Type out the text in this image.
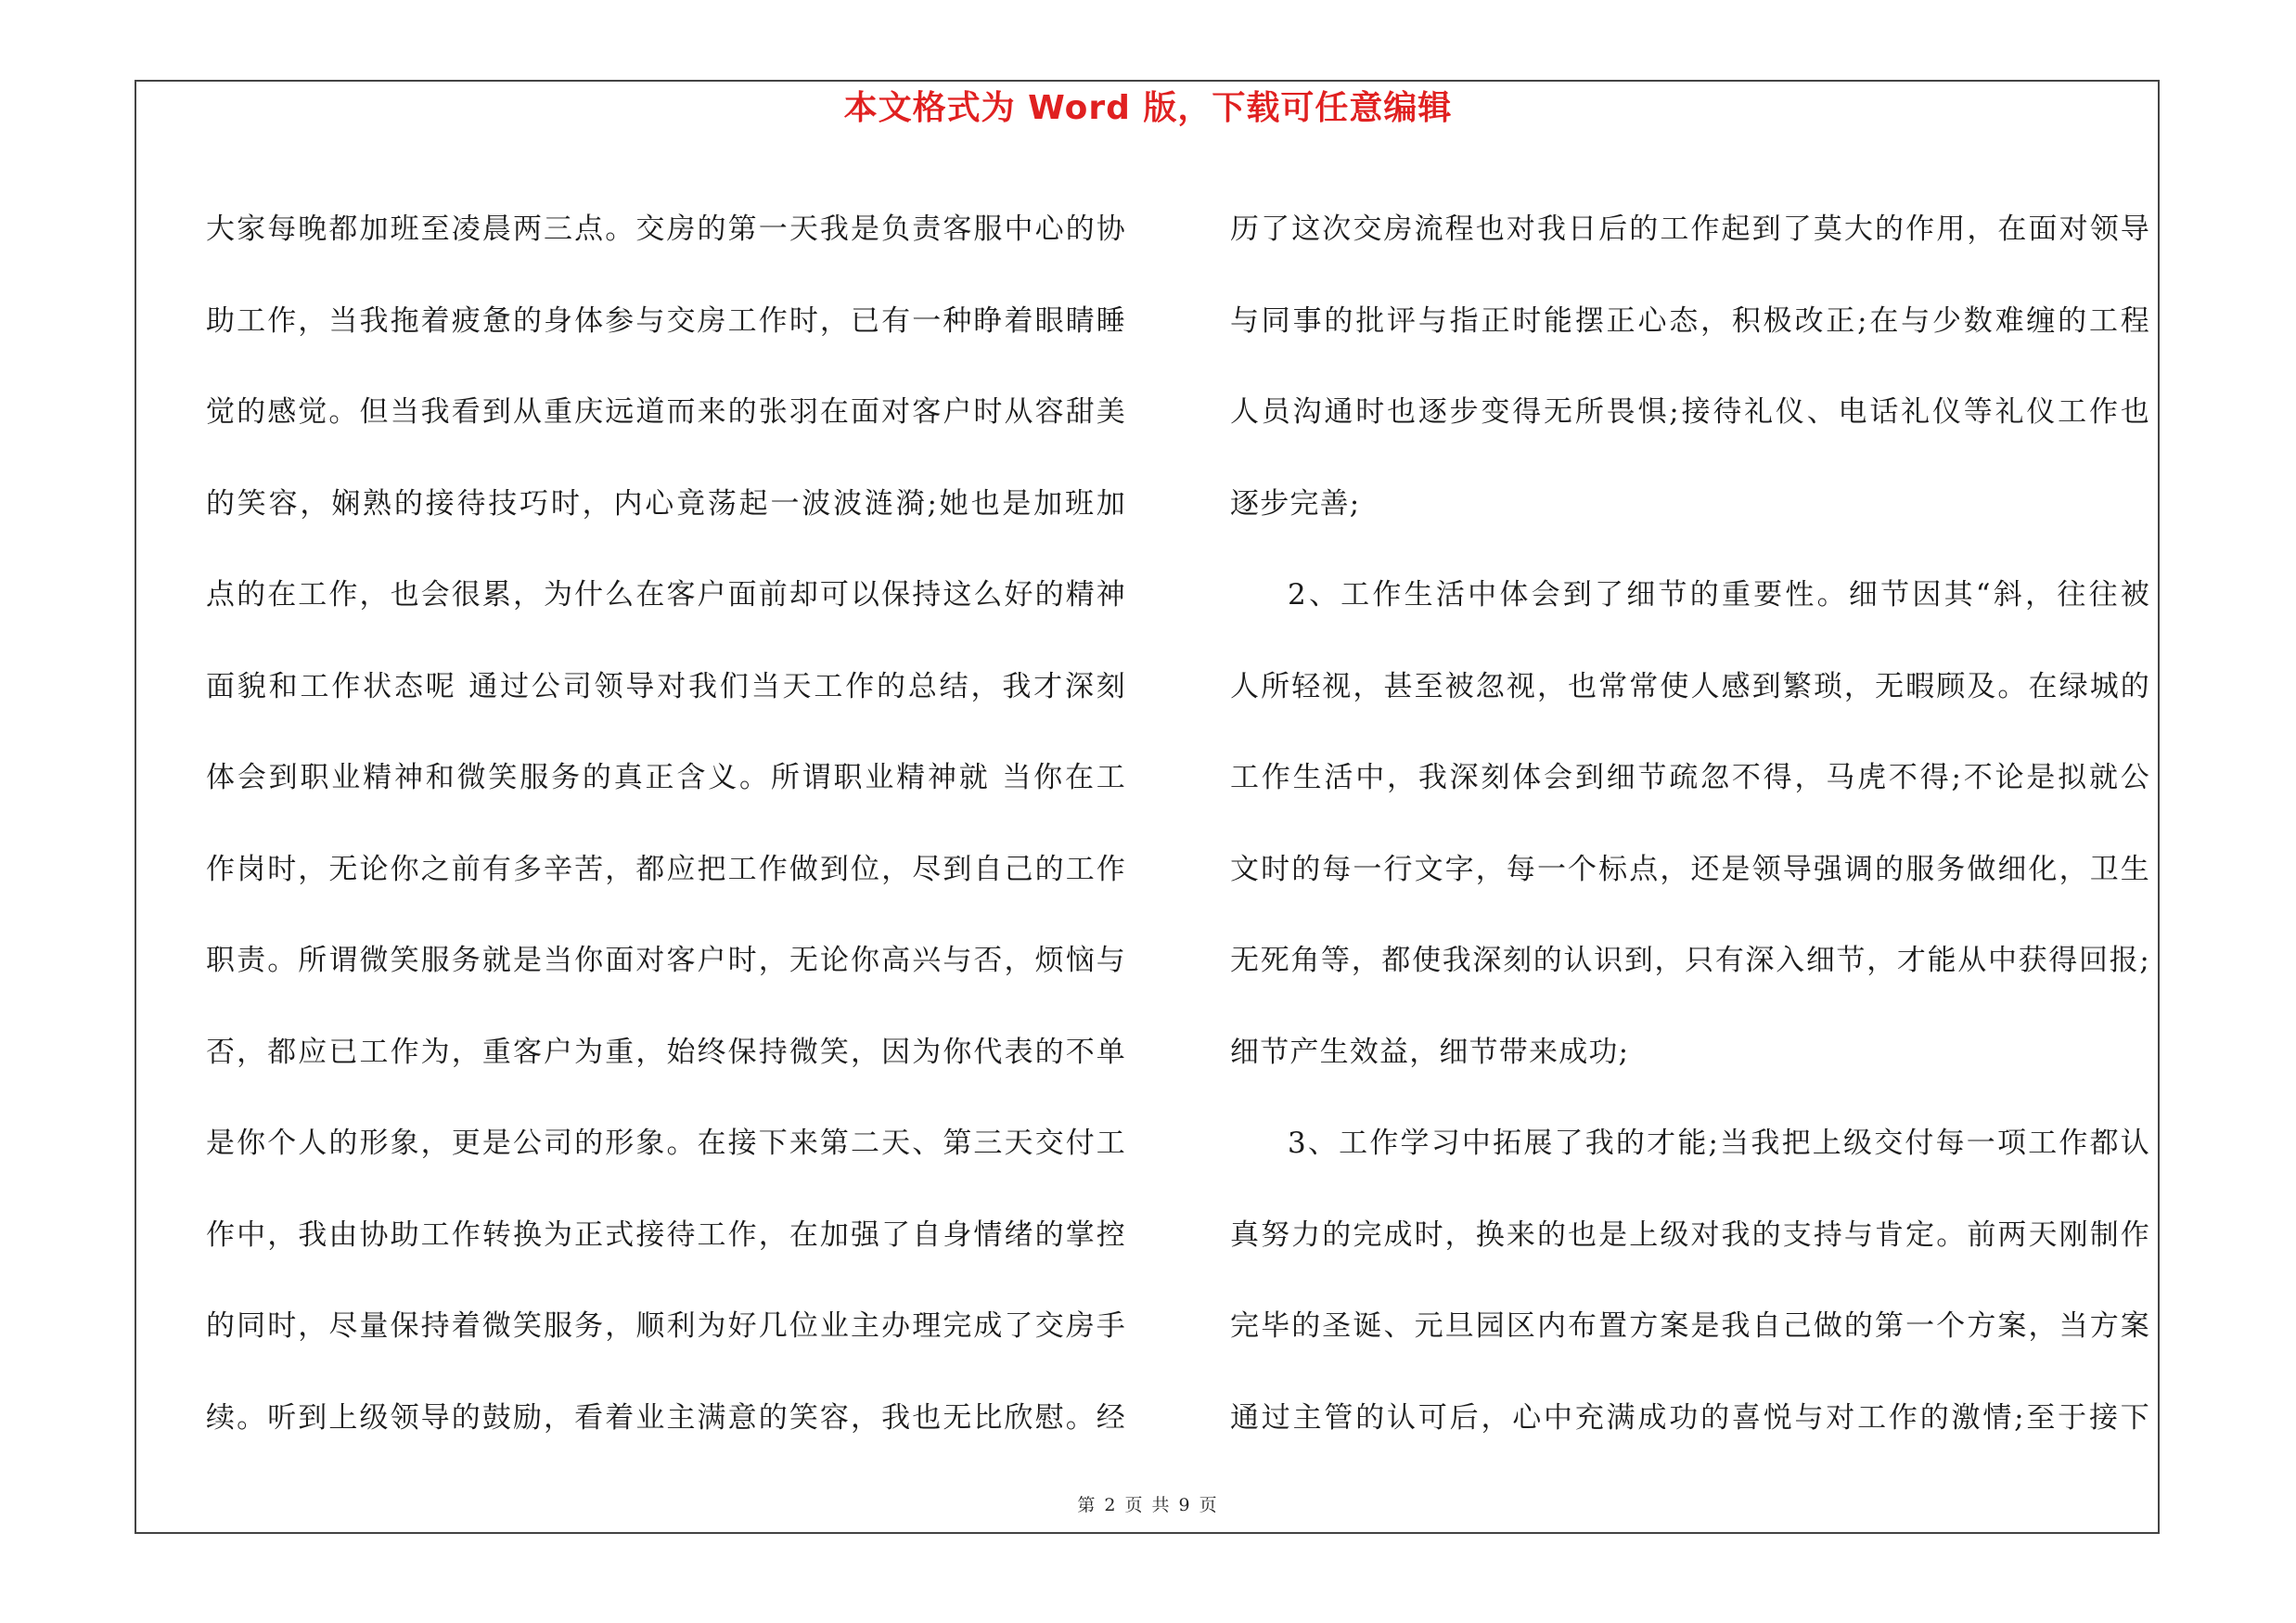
本文格式为 Word 版，下载可任意编辑
大家每晚都加班至凌晨两三点。交房的第一天我是负责客服中心的协
助工作，当我拖着疲惫的身体参与交房工作时，已有一种睁着眼睛睡
觉的感觉。但当我看到从重庆远道而来的张羽在面对客户时从容甜美
的笑容，娴熟的接待技巧时，内心竟荡起一波波涟漪;她也是加班加
点的在工作，也会很累，为什么在客户面前却可以保持这么好的精神
面貌和工作状态呢 通过公司领导对我们当天工作的总结，我才深刻
体会到职业精神和微笑服务的真正含义。所谓职业精神就 当你在工
作岗时，无论你之前有多辛苦，都应把工作做到位，尽到自己的工作
职责。所谓微笑服务就是当你面对客户时，无论你高兴与否，烦恼与
否，都应已工作为，重客户为重，始终保持微笑，因为你代表的不单
是你个人的形象，更是公司的形象。在接下来第二天、第三天交付工
作中，我由协助工作转换为正式接待工作，在加强了自身情绪的掌控
的同时，尽量保持着微笑服务，顺利为好几位业主办理完成了交房手
续。听到上级领导的鼓励，看着业主满意的笑容，我也无比欣慰。经
历了这次交房流程也对我日后的工作起到了莫大的作用，在面对领导
与同事的批评与指正时能摆正心态，积极改正;在与少数难缠的工程
人员沟通时也逐步变得无所畏惧;接待礼仪、电话礼仪等礼仪工作也
逐步完善;
2、工作生活中体会到了细节的重要性。细节因其“斜，往往被
人所轻视，甚至被忽视，也常常使人感到繁琐，无暇顾及。在绿城的
工作生活中，我深刻体会到细节疏忽不得，马虎不得;不论是拟就公
文时的每一行文字，每一个标点，还是领导强调的服务做细化，卫生
无死角等，都使我深刻的认识到，只有深入细节，才能从中获得回报;
细节产生效益，细节带来成功;
3、工作学习中拓展了我的才能;当我把上级交付每一项工作都认
真努力的完成时，换来的也是上级对我的支持与肯定。前两天刚制作
完毕的圣诞、元旦园区内布置方案是我自己做的第一个方案，当方案
通过主管的认可后，心中充满成功的喜悦与对工作的激情;至于接下
第 2 页 共 9 页
